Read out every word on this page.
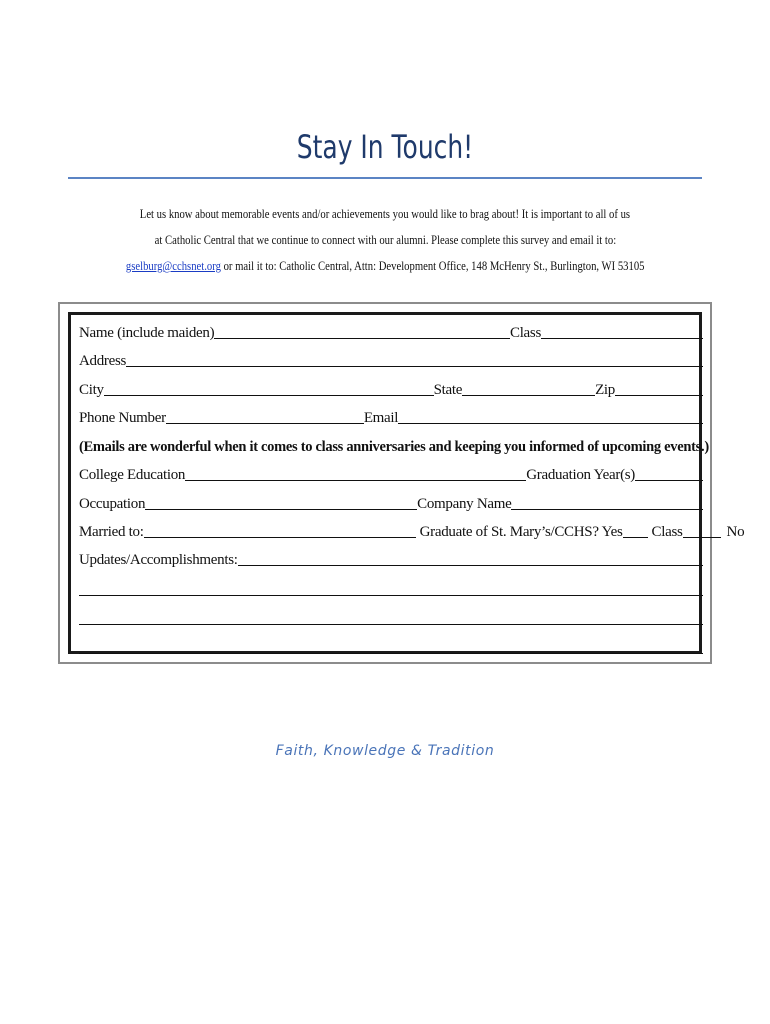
Stay In Touch!
Let us know about memorable events and/or achievements you would like to brag about! It is important to all of us
at Catholic Central that we continue to connect with our alumni. Please complete this survey and email it to:
gselburg@cchsnet.org or mail it to: Catholic Central, Attn: Development Office, 148 McHenry St., Burlington, WI 53105
Name (include maiden)	Class
Address
City	State	Zip
Phone Number	Email
(Emails are wonderful when it comes to class anniversaries and keeping you informed of upcoming events.)
College Education	Graduation Year(s)
Occupation	Company Name
Married to:	Graduate of St. Mary’s/CCHS? Yes Class	No
Updates/Accomplishments:
Faith, Knowledge & Tradition
